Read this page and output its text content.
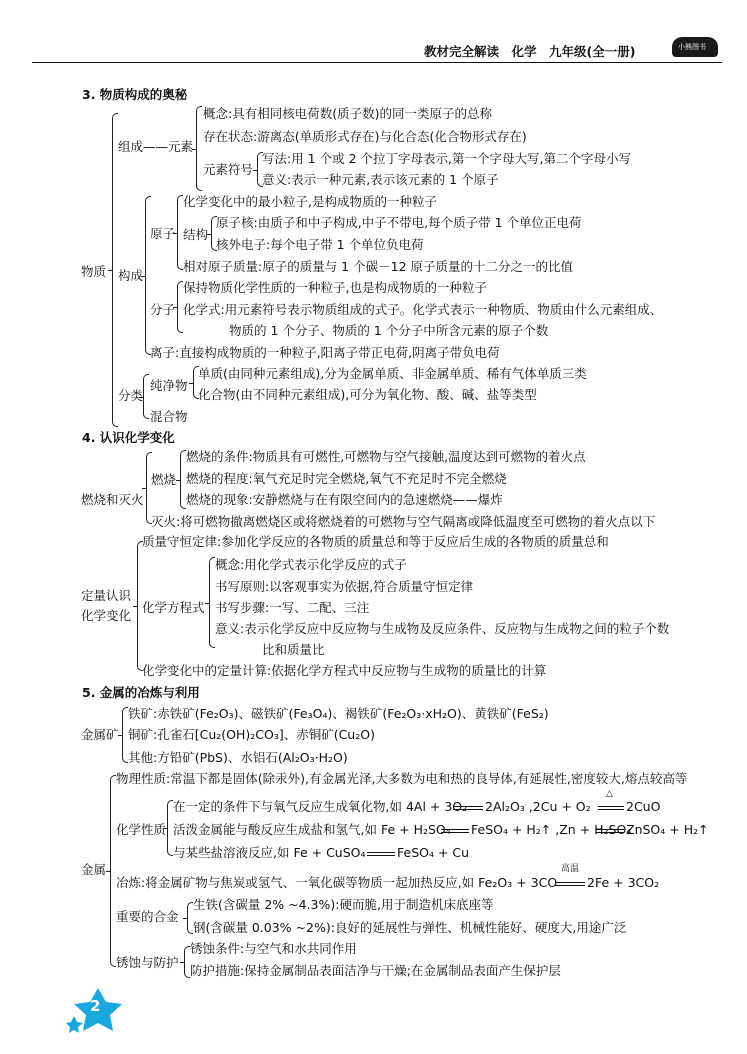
教材完全解读　化学　九年级(全一册)	小熊图书
3. 物质构成的奥秘
物质
组成——元素
概念:具有相同核电荷数(质子数)的同一类原子的总称
存在状态:游离态(单质形式存在)与化合态(化合物形式存在)
元素符号
写法:用 1 个或 2 个拉丁字母表示,第一个字母大写,第二个字母小写
意义:表示一种元素,表示该元素的 1 个原子
构成
原子
化学变化中的最小粒子,是构成物质的一种粒子
结构
原子核:由质子和中子构成,中子不带电,每个质子带 1 个单位正电荷
核外电子:每个电子带 1 个单位负电荷
相对原子质量:原子的质量与 1 个碳－12 原子质量的十二分之一的比值
分子
保持物质化学性质的一种粒子,也是构成物质的一种粒子
化学式:用元素符号表示物质组成的式子。化学式表示一种物质、物质由什么元素组成、
物质的 1 个分子、物质的 1 个分子中所含元素的原子个数
离子:直接构成物质的一种粒子,阳离子带正电荷,阴离子带负电荷
分类
纯净物
单质(由同种元素组成),分为金属单质、非金属单质、稀有气体单质三类
化合物(由不同种元素组成),可分为氧化物、酸、碱、盐等类型
混合物
4. 认识化学变化
燃烧和灭火
燃烧
燃烧的条件:物质具有可燃性,可燃物与空气接触,温度达到可燃物的着火点
燃烧的程度:氧气充足时完全燃烧,氧气不充足时不完全燃烧
燃烧的现象:安静燃烧与在有限空间内的急速燃烧——爆炸
灭火:将可燃物撤离燃烧区或将燃烧着的可燃物与空气隔离或降低温度至可燃物的着火点以下
定量认识
化学变化
质量守恒定律:参加化学反应的各物质的质量总和等于反应后生成的各物质的质量总和
化学方程式
概念:用化学式表示化学反应的式子
书写原则:以客观事实为依据,符合质量守恒定律
书写步骤:一写、二配、三注
意义:表示化学反应中反应物与生成物及反应条件、反应物与生成物之间的粒子个数
比和质量比
化学变化中的定量计算:依据化学方程式中反应物与生成物的质量比的计算
5. 金属的冶炼与利用
金属矿
铁矿:赤铁矿(Fe₂O₃)、磁铁矿(Fe₃O₄)、褐铁矿(Fe₂O₃·xH₂O)、黄铁矿(FeS₂)
铜矿:孔雀石[Cu₂(OH)₂CO₃]、赤铜矿(Cu₂O)
其他:方铅矿(PbS)、水铝石(Al₂O₃·H₂O)
金属
物理性质:常温下都是固体(除汞外),有金属光泽,大多数为电和热的良导体,有延展性,密度较大,熔点较高等
化学性质
在一定的条件下与氧气反应生成氧化物,如 4Al + 3O₂ 2Al₂O₃ ,2Cu + O₂
△
2CuO
活泼金属能与酸反应生成盐和氢气,如 Fe + H₂SO₄ FeSO₄ + H₂↑ ,Zn + H₂SO₄
ZnSO₄ + H₂↑
与某些盐溶液反应,如 Fe + CuSO₄	FeSO₄ + Cu
冶炼:将金属矿物与焦炭或氢气、一氧化碳等物质一起加热反应,如 Fe₂O₃ + 3CO
高温
2Fe + 3CO₂
重要的合金
生铁(含碳量 2% ~4.3%):硬而脆,用于制造机床底座等
钢(含碳量 0.03% ~2%):良好的延展性与弹性、机械性能好、硬度大,用途广泛
锈蚀与防护
锈蚀条件:与空气和水共同作用
防护措施:保持金属制品表面洁净与干燥;在金属制品表面产生保护层
2
